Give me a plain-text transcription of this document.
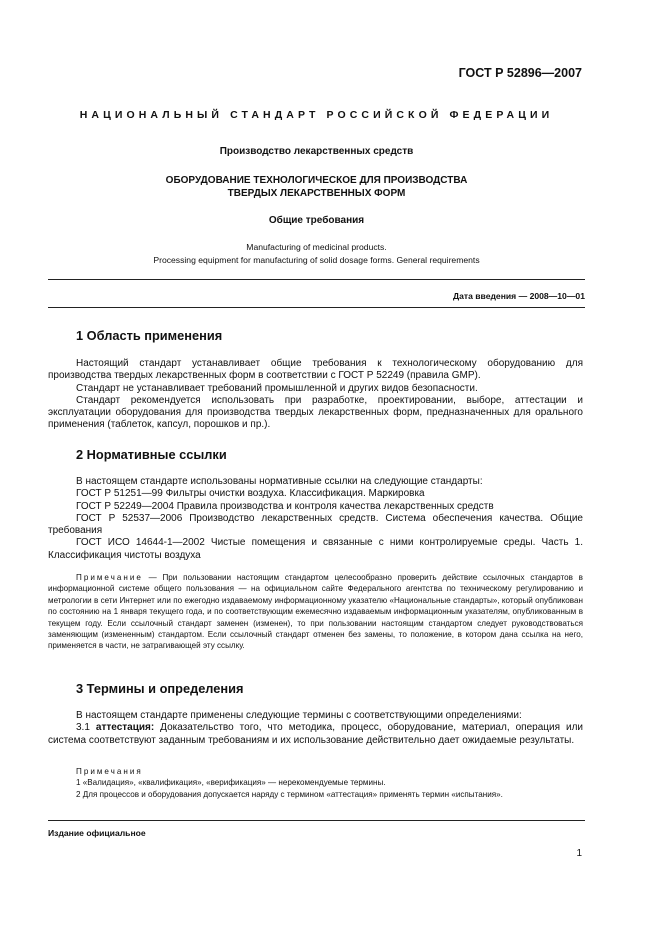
ГОСТ Р 52896—2007
НАЦИОНАЛЬНЫЙ СТАНДАРТ РОССИЙСКОЙ ФЕДЕРАЦИИ
Производство лекарственных средств
ОБОРУДОВАНИЕ ТЕХНОЛОГИЧЕСКОЕ ДЛЯ ПРОИЗВОДСТВА
ТВЕРДЫХ ЛЕКАРСТВЕННЫХ ФОРМ
Общие требования
Manufacturing of medicinal products.
Processing equipment for manufacturing of solid dosage forms. General requirements
Дата введения — 2008—10—01
1 Область применения

Настоящий стандарт устанавливает общие требования к технологическому оборудованию для производства твердых лекарственных форм в соответствии с ГОСТ Р 52249 (правила GMP).

Стандарт не устанавливает требований промышленной и других видов безопасности.

Стандарт рекомендуется использовать при разработке, проектировании, выборе, аттестации и эксплуатации оборудования для производства твердых лекарственных форм, предназначенных для орального применения (таблеток, капсул, порошков и пр.).

2 Нормативные ссылки

В настоящем стандарте использованы нормативные ссылки на следующие стандарты:

ГОСТ Р 51251—99 Фильтры очистки воздуха. Классификация. Маркировка

ГОСТ Р 52249—2004 Правила производства и контроля качества лекарственных средств

ГОСТ Р 52537—2006 Производство лекарственных средств. Система обеспечения качества. Общие требования

ГОСТ ИСО 14644-1—2002 Чистые помещения и связанные с ними контролируемые среды. Часть 1. Классификация чистоты воздуха

Примечание — При пользовании настоящим стандартом целесообразно проверить действие ссылочных стандартов в информационной системе общего пользования — на официальном сайте Федерального агентства по техническому регулированию и метрологии в сети Интернет или по ежегодно издаваемому информационному указателю «Национальные стандарты», который опубликован по состоянию на 1 января текущего года, и по соответствующим ежемесячно издаваемым информационным указателям, опубликованным в текущем году. Если ссылочный стандарт заменен (изменен), то при пользовании настоящим стандартом следует руководствоваться заменяющим (измененным) стандартом. Если ссылочный стандарт отменен без замены, то положение, в котором дана ссылка на него, применяется в части, не затрагивающей эту ссылку.

3 Термины и определения

В настоящем стандарте применены следующие термины с соответствующими определениями:

3.1 аттестация: Доказательство того, что методика, процесс, оборудование, материал, операция или система соответствуют заданным требованиям и их использование действительно дает ожидаемые результаты.

Примечания

1 «Валидация», «квалификация», «верификация» — нерекомендуемые термины.

2 Для процессов и оборудования допускается наряду с термином «аттестация» применять термин «испытания».

Издание официальное
1
